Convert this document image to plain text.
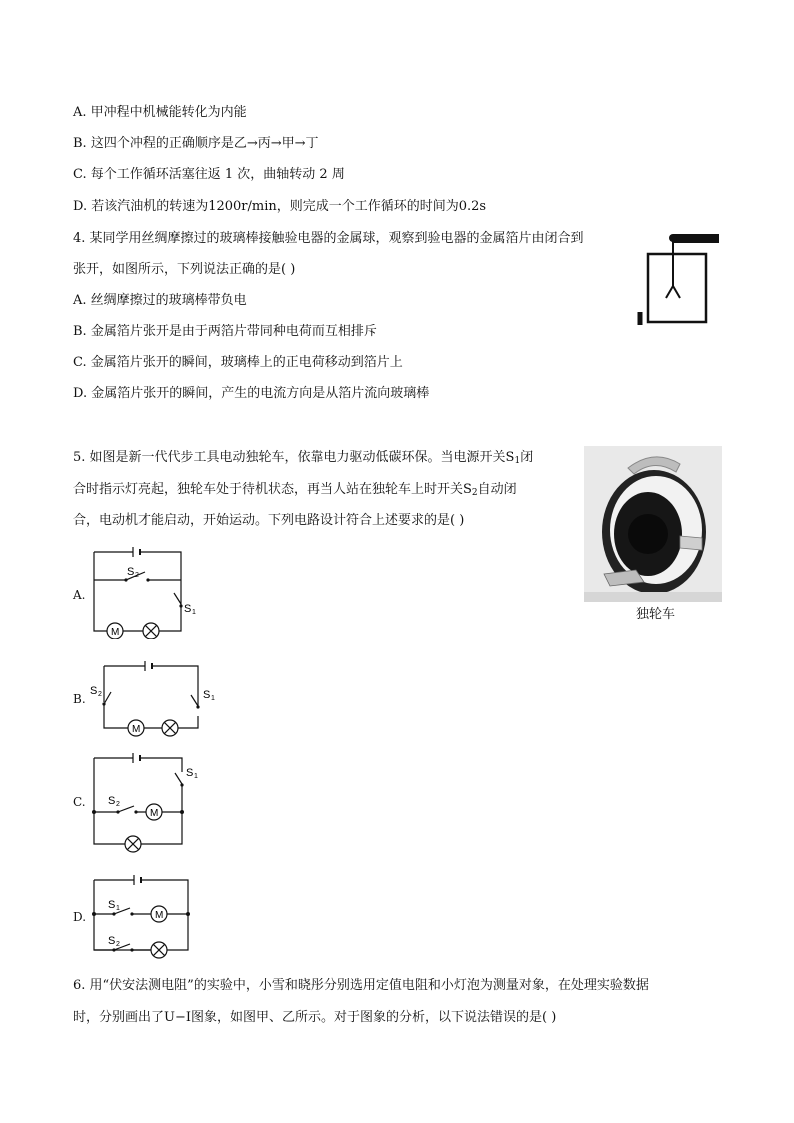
A. 甲冲程中机械能转化为内能
B. 这四个冲程的正确顺序是乙→丙→甲→丁
C. 每个工作循环活塞往返 1 次，曲轴转动 2 周
D. 若该汽油机的转速为1200r/min，则完成一个工作循环的时间为0.2s
4. 某同学用丝绸摩擦过的玻璃棒接触验电器的金属球，观察到验电器的金属箔片由闭合到
张开，如图所示，下列说法正确的是( )
A. 丝绸摩擦过的玻璃棒带负电
B. 金属箔片张开是由于两箔片带同种电荷而互相排斥
C. 金属箔片张开的瞬间，玻璃棒上的正电荷移动到箔片上
D. 金属箔片张开的瞬间，产生的电流方向是从箔片流向玻璃棒
5. 如图是新一代代步工具电动独轮车，依靠电力驱动低碳环保。当电源开关$S_1$闭
合时指示灯亮起，独轮车处于待机状态，再当人站在独轮车上时开关$S_2$自动闭
合，电动机才能启动，开始运动。下列电路设计符合上述要求的是( )
独轮车
A.
S 2
S 1
M
B.
S 2	S 1
M
C.
S 1
S 2
M
D.
S 1
S 2
M
6. 用“伏安法测电阻”的实验中，小雪和晓彤分别选用定值电阻和小灯泡为测量对象，在处理实验数据
时，分别画出了U−I图象，如图甲、乙所示。对于图象的分析，以下说法错误的是( )
